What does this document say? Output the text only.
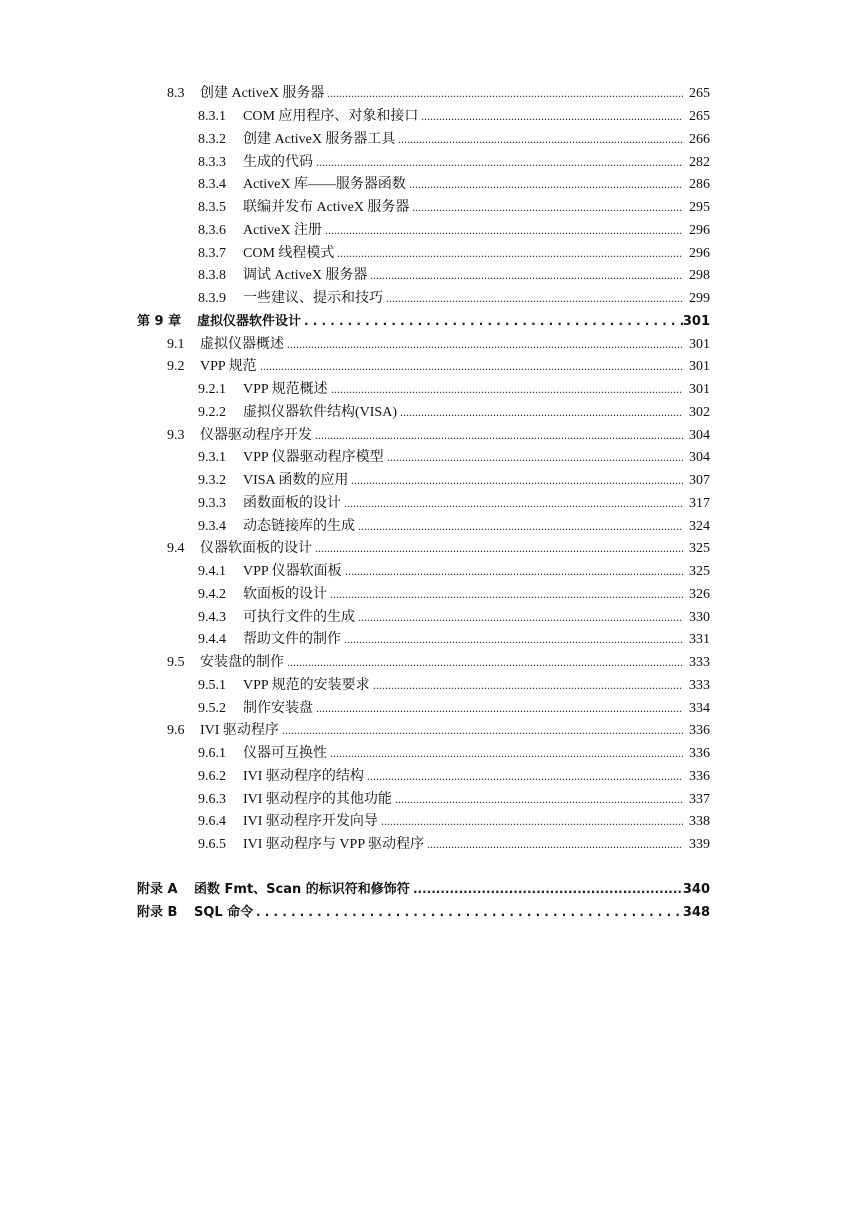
8.3 创建 ActiveX 服务器 .....	265
8.3.1 COM 应用程序、对象和接口 .....	265
8.3.2 创建 ActiveX 服务器工具 .....	266
8.3.3 生成的代码 .....	282
8.3.4 ActiveX 库——服务器函数 .....	286
8.3.5 联编并发布 ActiveX 服务器 .....	295
8.3.6 ActiveX 注册 .....	296
8.3.7 COM 线程模式 .....	296
8.3.8 调试 ActiveX 服务器 .....	298
8.3.9 一些建议、提示和技巧 .....	299
第 9 章 虚拟仪器软件设计 . . .	301
9.1 虚拟仪器概述 .....	301
9.2 VPP 规范 .....	301
9.2.1 VPP 规范概述 .....	301
9.2.2 虚拟仪器软件结构(VISA) .....	302
9.3 仪器驱动程序开发 .....	304
9.3.1 VPP 仪器驱动程序模型 .....	304
9.3.2 VISA 函数的应用 .....	307
9.3.3 函数面板的设计 .....	317
9.3.4 动态链接库的生成 .....	324
9.4 仪器软面板的设计 .....	325
9.4.1 VPP 仪器软面板 .....	325
9.4.2 软面板的设计 .....	326
9.4.3 可执行文件的生成 .....	330
9.4.4 帮助文件的制作 .....	331
9.5 安装盘的制作 .....	333
9.5.1 VPP 规范的安装要求 .....	333
9.5.2 制作安装盘 .....	334
9.6 IVI 驱动程序 .....	336
9.6.1 仪器可互换性 .....	336
9.6.2 IVI 驱动程序的结构 .....	336
9.6.3 IVI 驱动程序的其他功能 .....	337
9.6.4 IVI 驱动程序开发向导 .....	338
9.6.5 IVI 驱动程序与 VPP 驱动程序 .....	339
附录 A 函数 Fmt、Scan 的标识符和修饰符 .....	340
附录 B SQL 命令 . . .	348
